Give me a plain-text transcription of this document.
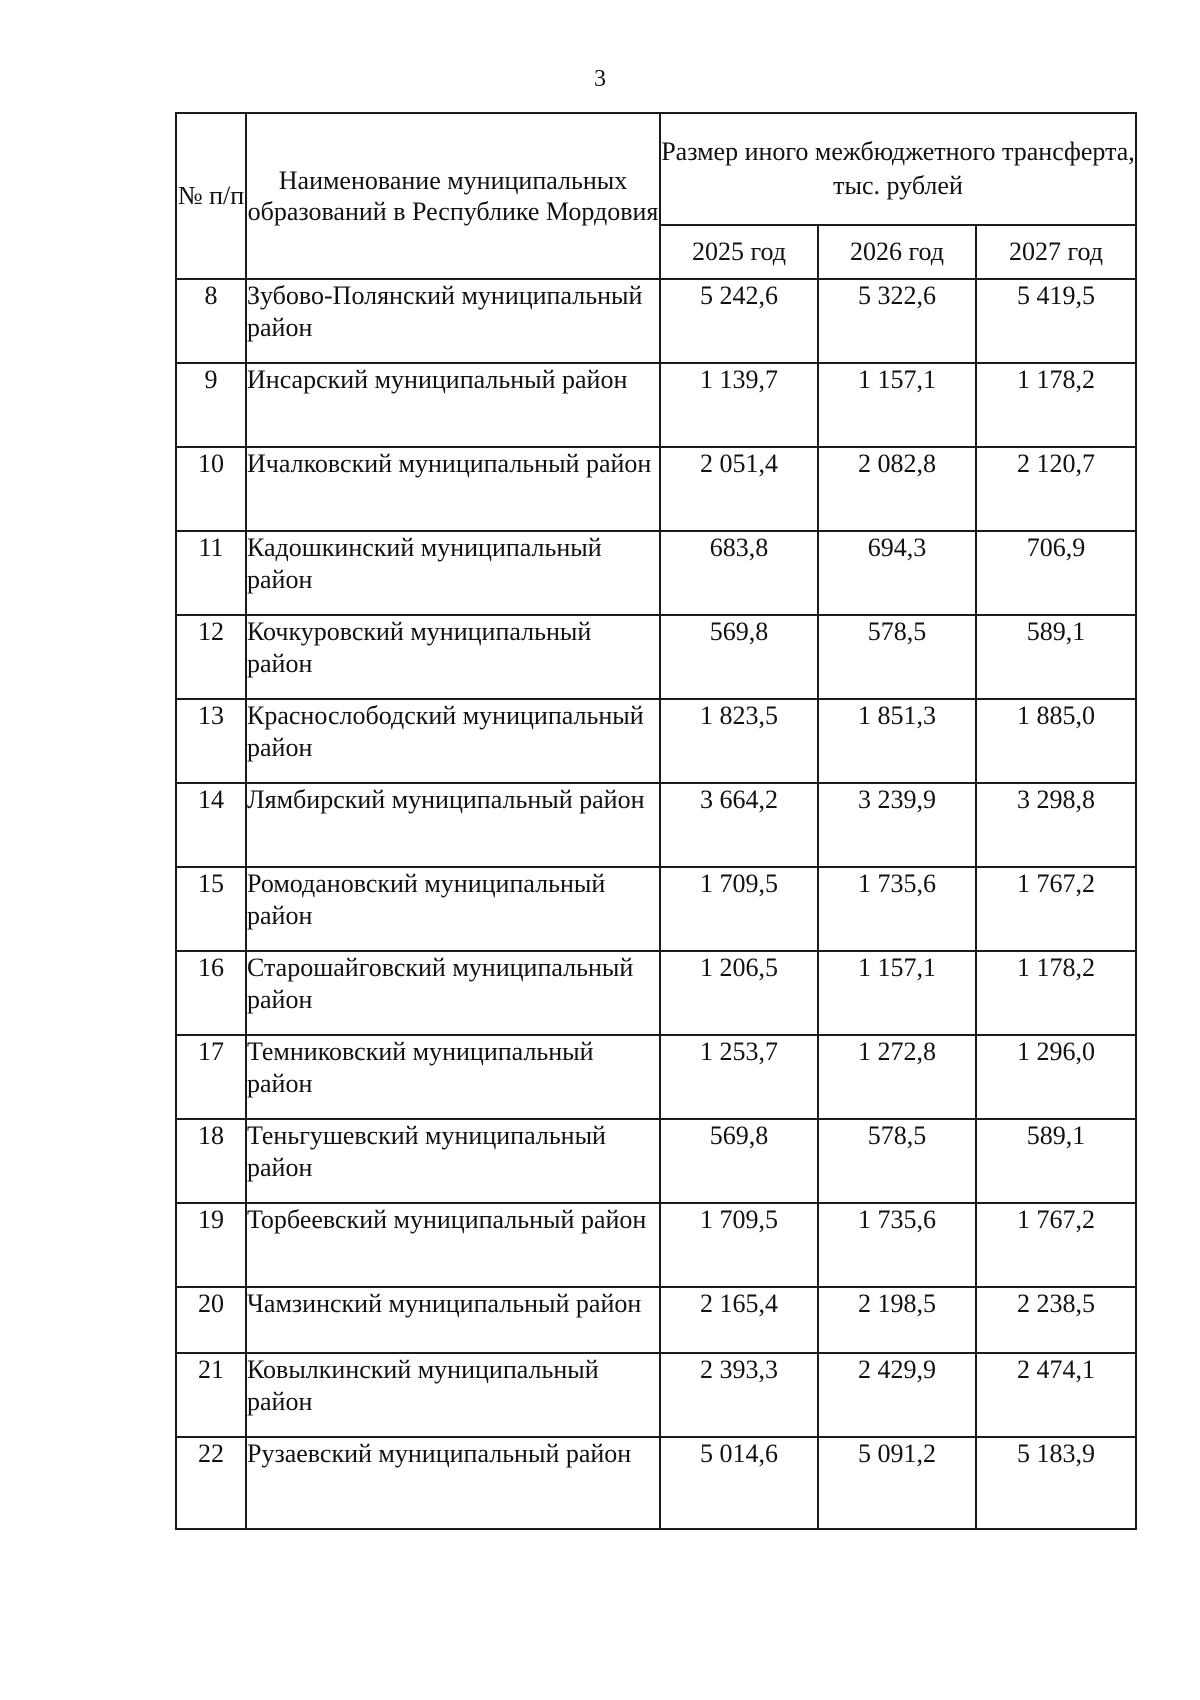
3
№ п/п	Наименование муниципальных образований в Республике Мордовия	Размер иного межбюджетного трансферта, тыс. рублей		
		2025 год	2026 год	2027 год
8	Зубово-Полянский муниципальный район	5 242,6	5 322,6	5 419,5
9	Инсарский муниципальный район	1 139,7	1 157,1	1 178,2
10	Ичалковский муниципальный район	2 051,4	2 082,8	2 120,7
11	Кадошкинский муниципальный район	683,8	694,3	706,9
12	Кочкуровский муниципальный район	569,8	578,5	589,1
13	Краснослободский муниципальный район	1 823,5	1 851,3	1 885,0
14	Лямбирский муниципальный район	3 664,2	3 239,9	3 298,8
15	Ромодановский муниципальный район	1 709,5	1 735,6	1 767,2
16	Старошайговский муниципальный район	1 206,5	1 157,1	1 178,2
17	Темниковский муниципальный район	1 253,7	1 272,8	1 296,0
18	Теньгушевский муниципальный район	569,8	578,5	589,1
19	Торбеевский муниципальный район	1 709,5	1 735,6	1 767,2
20	Чамзинский муниципальный район	2 165,4	2 198,5	2 238,5
21	Ковылкинский муниципальный район	2 393,3	2 429,9	2 474,1
22	Рузаевский муниципальный район	5 014,6	5 091,2	5 183,9
